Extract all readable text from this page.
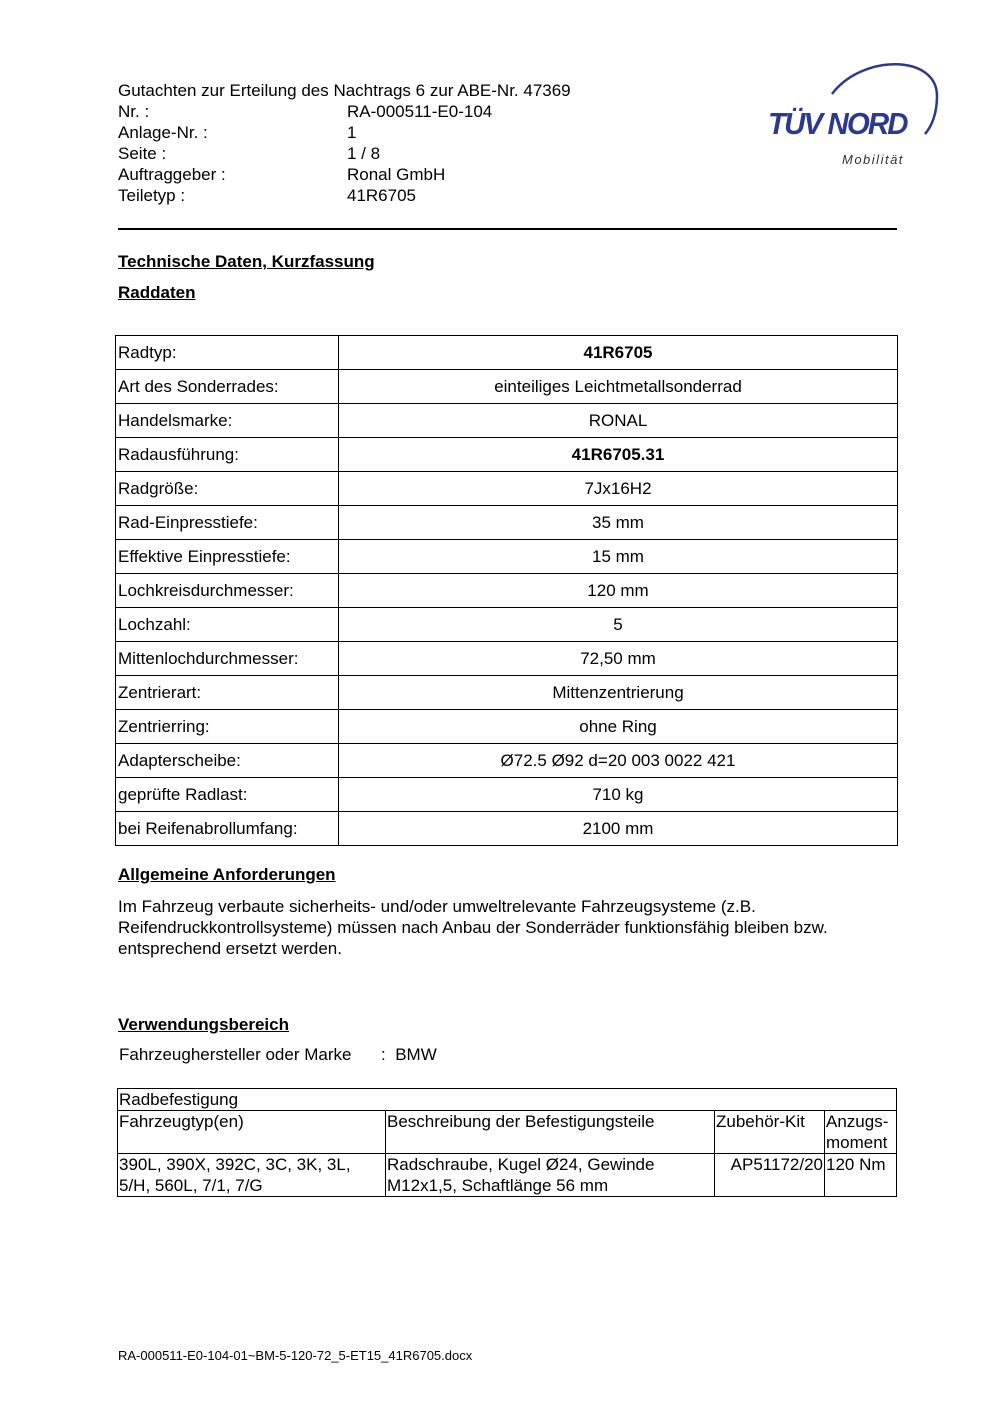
Gutachten zur Erteilung des Nachtrags 6 zur ABE-Nr. 47369
Nr. :	RA-000511-E0-104
Anlage-Nr. :	1
Seite :	1 / 8
Auftraggeber :	Ronal GmbH
Teiletyp :	41R6705
TÜV NORD
Mobilität
Technische Daten, Kurzfassung
Raddaten
Radtyp:	41R6705
Art des Sonderrades:	einteiliges Leichtmetallsonderrad
Handelsmarke:	RONAL
Radausführung:	41R6705.31
Radgröße:	7Jx16H2
Rad-Einpresstiefe:	35 mm
Effektive Einpresstiefe:	15 mm
Lochkreisdurchmesser:	120 mm
Lochzahl:	5
Mittenlochdurchmesser:	72,50 mm
Zentrierart:	Mittenzentrierung
Zentrierring:	ohne Ring
Adapterscheibe:	Ø72.5 Ø92 d=20 003 0022 421
geprüfte Radlast:	710 kg
bei Reifenabrollumfang:	2100 mm
Allgemeine Anforderungen
Im Fahrzeug verbaute sicherheits- und/oder umweltrelevante Fahrzeugsysteme (z.B. Reifendruckkontrollsysteme) müssen nach Anbau der Sonderräder funktionsfähig bleiben bzw. entsprechend ersetzt werden.
Verwendungsbereich
Fahrzeughersteller oder Marke : BMW
Radbefestigung			
Fahrzeugtyp(en)	Beschreibung der Befestigungsteile	Zubehör-Kit	Anzugs-
moment
390L, 390X, 392C, 3C, 3K, 3L, 5/H, 560L, 7/1, 7/G	Radschraube, Kugel Ø24, Gewinde M12x1,5, Schaftlänge 56 mm	AP51172/20	120 Nm
RA-000511-E0-104-01~BM-5-120-72_5-ET15_41R6705.docx
